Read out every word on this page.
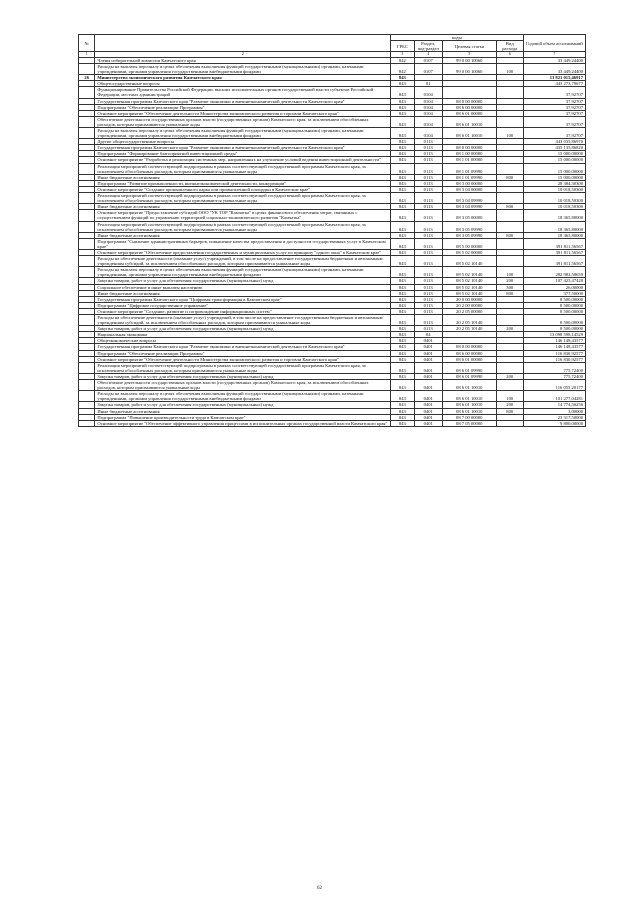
№		коды				Годовой объем ассигнований
		ГРБС	Раздел, под-раздел	Целевая статья	Вид расхода	
1	2	3	4	5	6	7
	Члены избирательной комиссии Камчатского края	842	0107	99 0 00 10060		33 449,24400
	Расходы на выплаты персоналу в целях обеспечения выполнения функций государственными (муниципальными) органами, казенными учреждениями, органами управления государственными внебюджетными фондами	842	0107	99 0 00 10060	100	33 449,24400
26	Министерство экономического развития Камчатского края	843				13 821 015,46917
	Общегосударственные вопросы	843	01			443 273,79677
	Функционирование Правительства Российской Федерации, высших исполнительных органов государственной власти субъектов Российской Федерации, местных администраций	843	0104			37,92707
	Государственная программа Камчатского края "Развитие экономики и внешнеэкономической деятельности Камчатского края"	843	0104	08 0 00 00000		37,92707
	Подпрограмма "Обеспечение реализации Программы"	843	0104	08 6 00 00000		37,92707
	Основное мероприятие "Обеспечение деятельности Министерства экономического развития и торговли Камчатского края"	843	0104	08 6 01 00000		37,92707
	Обеспечение деятельности государственных органов власти (государственных органов) Камчатского края, за исключением обособленных расходов, которым присваиваются уникальные коды	843	0104	08 6 01 10010		37,92707
	Расходы на выплаты персоналу в целях обеспечения выполнения функций государственными (муниципальными) органами, казенными учреждениями, органами управления государственными внебюджетными фондами	843	0104	08 6 01 10010	100	37,92707
	Другие общегосударственные вопросы	843	0113			443 035,86970
	Государственная программа Камчатского края "Развитие экономики и внешнеэкономической деятельности Камчатского края"	843	0113	08 0 00 00000		435 135,86820
	Подпрограмма "Формирование благоприятной инвестиционной среды"	843	0113	08 1 00 00000		15 000,00000
	Основное мероприятие "Разработка и реализация системных мер, направленных на улучшение условий ведения инвестиционной деятельности"	843	0113	08 1 01 00000		15 000,00000
	Реализация мероприятий соответствующей подпрограммы в рамках соответствующей государственной программы Камчатского края, за исключением обособленных расходов, которым присваиваются уникальные коды	843	0113	08 1 01 09990		15 000,00000
	Иные бюджетные ассигнования	843	0113	08 1 01 09990	800	15 000,00000
	Подпрограмма "Развитие промышленности, внешнеэкономической деятельности, конкуренции"	843	0113	08 3 00 00000		28 384,30300
	Основное мероприятие "Создание промышленного парка или промышленной площадки в Камчатском крае"	843	0113	08 3 04 00000		10 018,50300
	Реализация мероприятий соответствующей подпрограммы в рамках соответствующей государственной программы Камчатского края, за исключением обособленных расходов, которым присваиваются уникальные коды	843	0113	08 3 04 09990		10 018,50300
	Иные бюджетные ассигнования	843	0113	08 3 04 09990	800	10 018,50300
	Основное мероприятие "Предоставление субсидий ООО "УК ТОР "Камчатка" в целях финансового обеспечения затрат, связанных с осуществлением функций по управлению территорией социально-экономического развития "Камчатка"	843	0113	08 3 05 00000		18 365,80000
	Реализация мероприятий соответствующей подпрограммы в рамках соответствующей государственной программы Камчатского края, за исключением обособленных расходов, которым присваиваются уникальные коды	843	0113	08 3 05 09990		18 365,80000
	Иные бюджетные ассигнования	843	0113	08 3 05 09990	800	18 365,80000
	Подпрограмма "Снижение административных барьеров, повышение качества предоставления и доступности государственных услуг в Камчатском крае"	843	0113	08 5 00 00000		391 811,56567
	Основное мероприятие "Обеспечение предоставления государственных и муниципальных услуг по принципу "одного окна" в Камчатском крае"	843	0113	08 5 02 00000		391 811,56567
	Расходы на обеспечение деятельности (оказание услуг) учреждений, в том числе на предоставление государственным бюджетным и автономным учреждениям субсидий, за исключением обособленных расходов, которым присваиваются уникальные коды	843	0113	08 5 02 10140		391 811,56567
	Расходы на выплаты персоналу в целях обеспечения выполнения функций государственными (муниципальными) органами, казенными учреждениями, органами управления государственными внебюджетными фондами	843	0113	08 5 02 10140	100	282 982,58659
	Закупка товаров, работ и услуг для обеспечения государственных (муниципальных) нужд	843	0113	08 5 02 10140	200	107 425,47428
	Социальное обеспечение и иные выплаты населению	843	0113	08 5 02 10140	300	26,00000
	Иные бюджетные ассигнования	843	0113	08 5 02 10140	800	377,50000
	Государственная программа Камчатского края "Цифровая трансформация в Камчатском крае"	843	0113	20 0 00 00000		8 500,00000
	Подпрограмма "Цифровое государственное управление"	843	0113	20 2 00 00000		8 500,00000
	Основное мероприятие "Создание, развитие и сопровождение информационных систем"	843	0113	20 2 05 00000		8 500,00000
	Расходы на обеспечение деятельности (оказание услуг) учреждений, в том числе на предоставление государственным бюджетным и автономным учреждениям субсидий, за исключением обособленных расходов, которым присваиваются уникальные коды	843	0113	20 2 05 10140		8 500,00000
	Закупка товаров, работ и услуг для обеспечения государственных (муниципальных) нужд	843	0113	20 2 05 10140	200	8 500,00000
	Национальная экономика	843	04			13 098 598,14529
	Общеэкономические вопросы	843	0401			146 148,43577
	Государственная программа Камчатского края "Развитие экономики и внешнеэкономической деятельности Камчатского края"	843	0401	08 0 00 00000		146 148,43577
	Подпрограмма "Обеспечение реализации Программы"	843	0401	08 6 00 00000		116 830,92577
	Основное мероприятие "Обеспечение деятельности Министерства экономического развития и торговли Камчатского края"	843	0401	08 6 01 00000		116 830,92577
	Реализация мероприятий соответствующей подпрограммы в рамках соответствующей государственной программы Камчатского края, за исключением обособленных расходов, которым присваиваются уникальные коды	843	0401	08 6 01 09990		775,72400
	Закупка товаров, работ и услуг для обеспечения государственных (муниципальных) нужд	843	0401	08 6 01 09990	200	775,72400
	Обеспечение деятельности государственных органов власти (государственных органов) Камчатского края, за исключением обособленных расходов, которым присваиваются уникальные коды	843	0401	08 6 01 10010		116 055,20177
	Расходы на выплаты персоналу в целях обеспечения выполнения функций государственными (муниципальными) органами, казенными учреждениями, органами управления государственными внебюджетными фондами	843	0401	08 6 01 10010	100	101 277,04281
	Закупка товаров, работ и услуг для обеспечения государственных (муниципальных) нужд	843	0401	08 6 01 10010	200	14 774,56256
	Иные бюджетные ассигнования	843	0401	08 6 01 10010	800	3,00000
	Подпрограмма "Повышение производительности труда в Камчатском крае"	843	0401	08 7 00 00000		23 317,50000
	Основное мероприятие "Обеспечение эффективного управления процессами в исполнительных органах государственной власти Камчатского края"	843	0401	08 7 05 00000		9 800,00000
62
